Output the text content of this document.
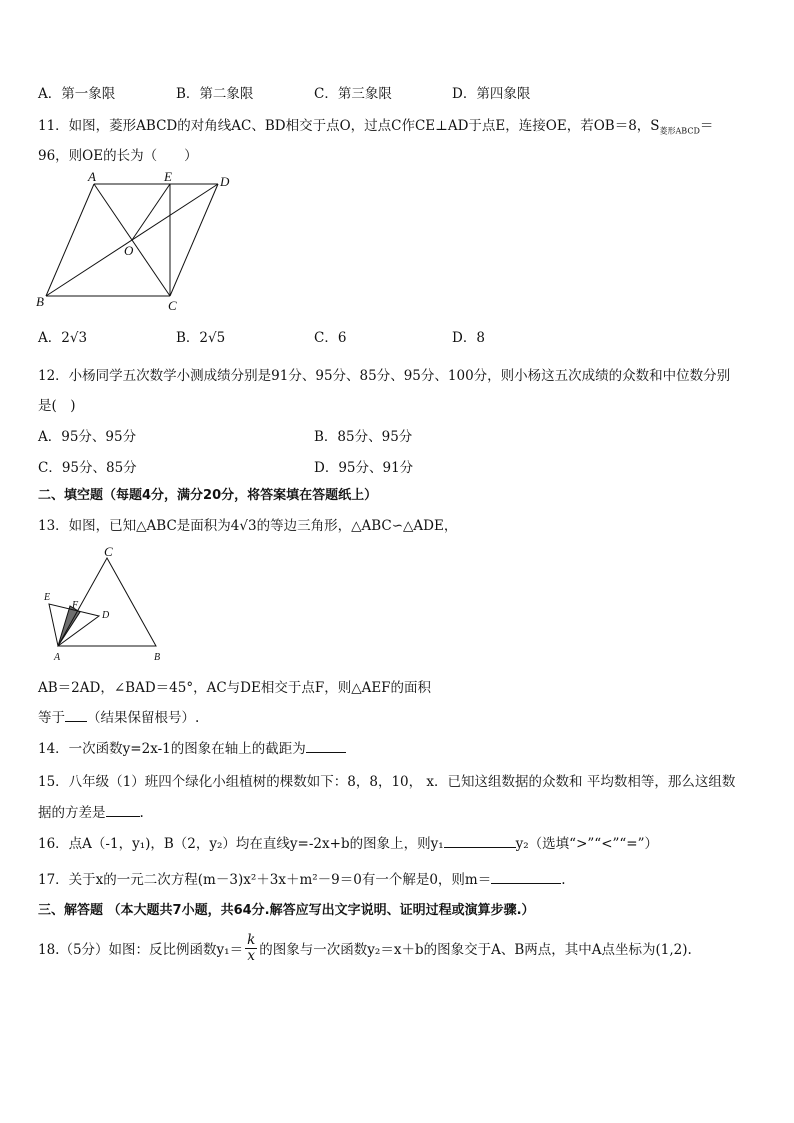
A．第一象限	B．第二象限	C．第三象限	D．第四象限
11．如图，菱形ABCD的对角线AC、BD相交于点O，过点C作CE⊥AD于点E，连接OE，若OB＝8，$S_{菱形ABCD}=$
96，则OE的长为（　　）
A	E	D
O
B	C
A．2√3	B．2√5	C．6	D．8
12．小杨同学五次数学小测成绩分别是91分、95分、85分、95分、100分，则小杨这五次成绩的众数和中位数分别
是(　)
A．95分、95分	B．85分、95分
C．95分、85分	D．95分、91分
二、填空题（每题4分，满分20分，将答案填在答题纸上）
13．如图，已知△ABC是面积为4√3的等边三角形，△ABC∽△ADE，
C
E
F
D
A	B
AB＝2AD，∠BAD＝45°，AC与DE相交于点F，则△AEF的面积
等于 （结果保留根号）.
14．一次函数y=2x-1的图象在轴上的截距为
15．八年级（1）班四个绿化小组植树的棵数如下：8，8，10， x．已知这组数据的众数和 平均数相等，那么这组数
据的方差是	.
16．点A（-1，y₁)，B（2，y₂）均在直线y=-2x+b的图象上，则y₁	y₂（选填“>”“<”“=”）
17．关于x的一元二次方程(m－3)x²＋3x＋m²－9＝0有一个解是0，则m＝	.
三、解答题 （本大题共7小题，共64分.解答应写出文字说明、证明过程或演算步骤.）
18.（5分）如图：反比例函数$y_1= \frac{k}{x}$ 的图象与一次函数y₂＝x＋b的图象交于A、B两点，其中A点坐标为(1,2).
